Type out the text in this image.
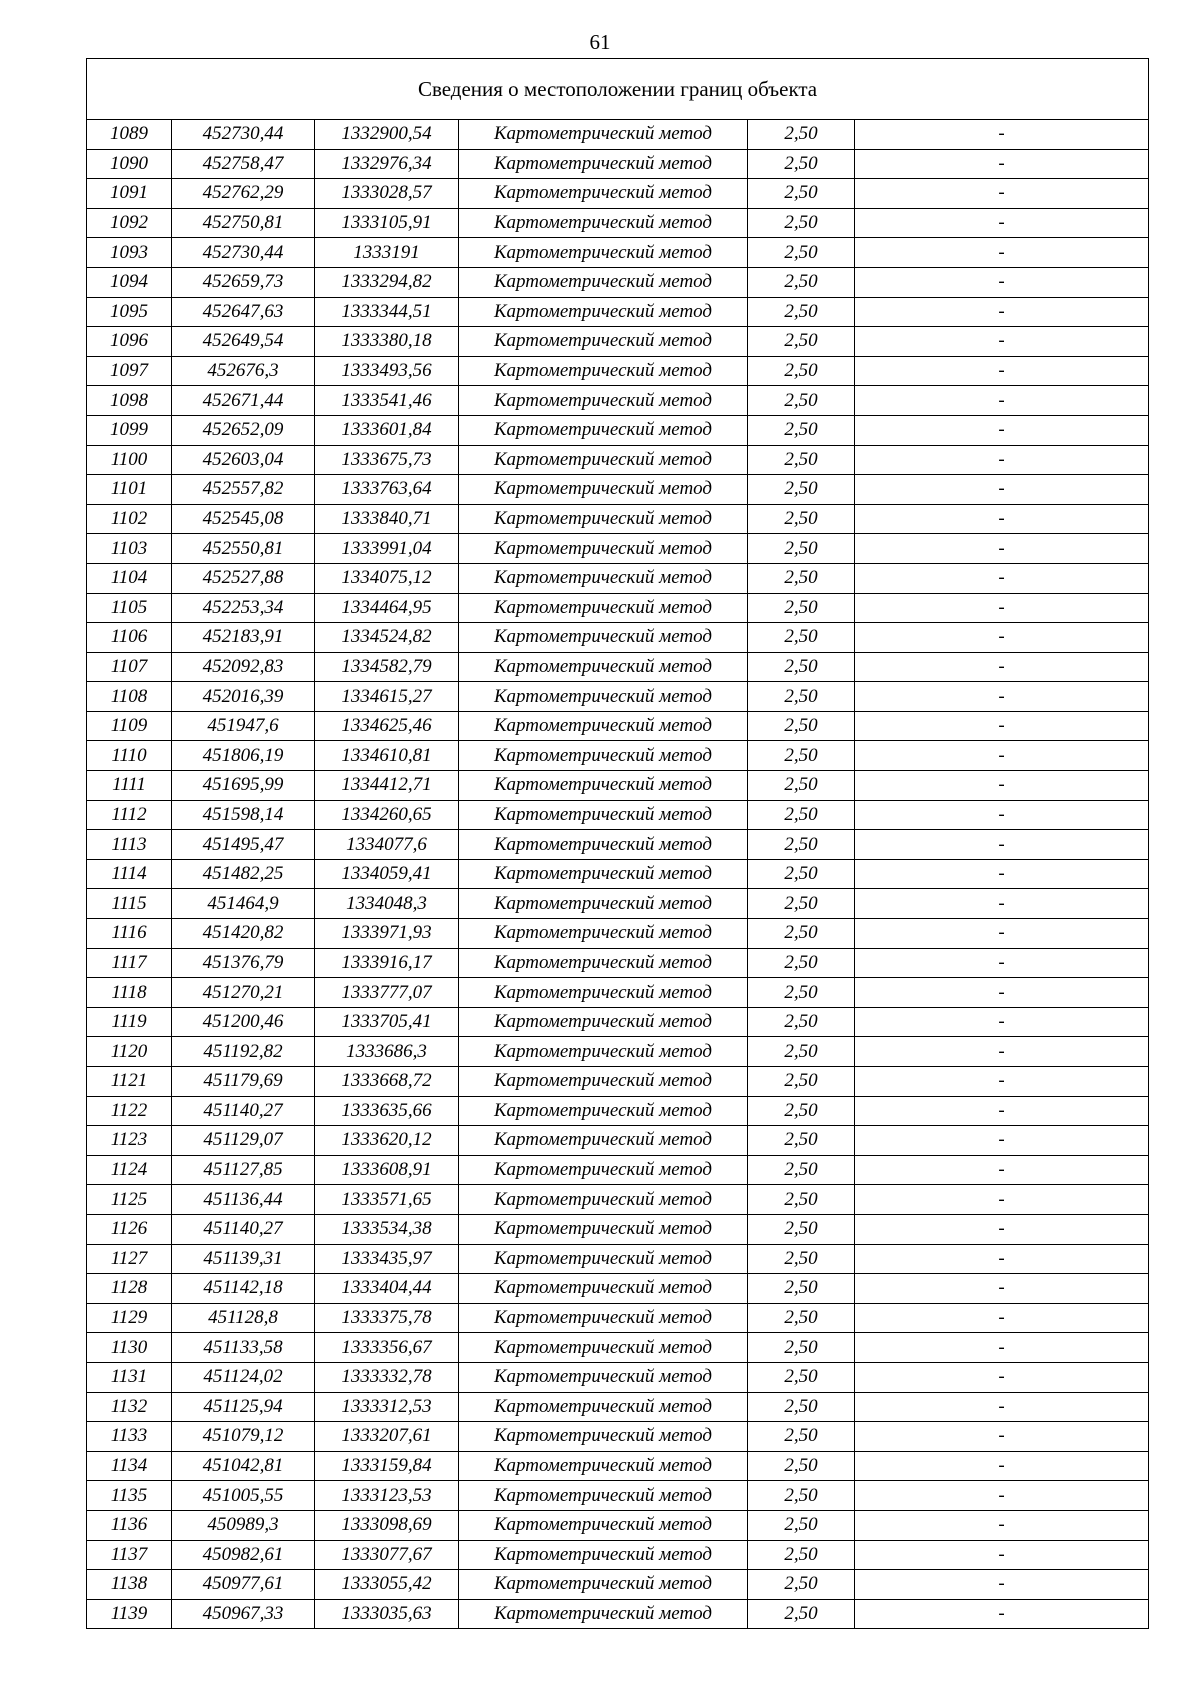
61
Сведения о местоположении границ объекта					
1089	452730,44	1332900,54	Картометрический метод	2,50	-
1090	452758,47	1332976,34	Картометрический метод	2,50	-
1091	452762,29	1333028,57	Картометрический метод	2,50	-
1092	452750,81	1333105,91	Картометрический метод	2,50	-
1093	452730,44	1333191	Картометрический метод	2,50	-
1094	452659,73	1333294,82	Картометрический метод	2,50	-
1095	452647,63	1333344,51	Картометрический метод	2,50	-
1096	452649,54	1333380,18	Картометрический метод	2,50	-
1097	452676,3	1333493,56	Картометрический метод	2,50	-
1098	452671,44	1333541,46	Картометрический метод	2,50	-
1099	452652,09	1333601,84	Картометрический метод	2,50	-
1100	452603,04	1333675,73	Картометрический метод	2,50	-
1101	452557,82	1333763,64	Картометрический метод	2,50	-
1102	452545,08	1333840,71	Картометрический метод	2,50	-
1103	452550,81	1333991,04	Картометрический метод	2,50	-
1104	452527,88	1334075,12	Картометрический метод	2,50	-
1105	452253,34	1334464,95	Картометрический метод	2,50	-
1106	452183,91	1334524,82	Картометрический метод	2,50	-
1107	452092,83	1334582,79	Картометрический метод	2,50	-
1108	452016,39	1334615,27	Картометрический метод	2,50	-
1109	451947,6	1334625,46	Картометрический метод	2,50	-
1110	451806,19	1334610,81	Картометрический метод	2,50	-
1111	451695,99	1334412,71	Картометрический метод	2,50	-
1112	451598,14	1334260,65	Картометрический метод	2,50	-
1113	451495,47	1334077,6	Картометрический метод	2,50	-
1114	451482,25	1334059,41	Картометрический метод	2,50	-
1115	451464,9	1334048,3	Картометрический метод	2,50	-
1116	451420,82	1333971,93	Картометрический метод	2,50	-
1117	451376,79	1333916,17	Картометрический метод	2,50	-
1118	451270,21	1333777,07	Картометрический метод	2,50	-
1119	451200,46	1333705,41	Картометрический метод	2,50	-
1120	451192,82	1333686,3	Картометрический метод	2,50	-
1121	451179,69	1333668,72	Картометрический метод	2,50	-
1122	451140,27	1333635,66	Картометрический метод	2,50	-
1123	451129,07	1333620,12	Картометрический метод	2,50	-
1124	451127,85	1333608,91	Картометрический метод	2,50	-
1125	451136,44	1333571,65	Картометрический метод	2,50	-
1126	451140,27	1333534,38	Картометрический метод	2,50	-
1127	451139,31	1333435,97	Картометрический метод	2,50	-
1128	451142,18	1333404,44	Картометрический метод	2,50	-
1129	451128,8	1333375,78	Картометрический метод	2,50	-
1130	451133,58	1333356,67	Картометрический метод	2,50	-
1131	451124,02	1333332,78	Картометрический метод	2,50	-
1132	451125,94	1333312,53	Картометрический метод	2,50	-
1133	451079,12	1333207,61	Картометрический метод	2,50	-
1134	451042,81	1333159,84	Картометрический метод	2,50	-
1135	451005,55	1333123,53	Картометрический метод	2,50	-
1136	450989,3	1333098,69	Картометрический метод	2,50	-
1137	450982,61	1333077,67	Картометрический метод	2,50	-
1138	450977,61	1333055,42	Картометрический метод	2,50	-
1139	450967,33	1333035,63	Картометрический метод	2,50	-
